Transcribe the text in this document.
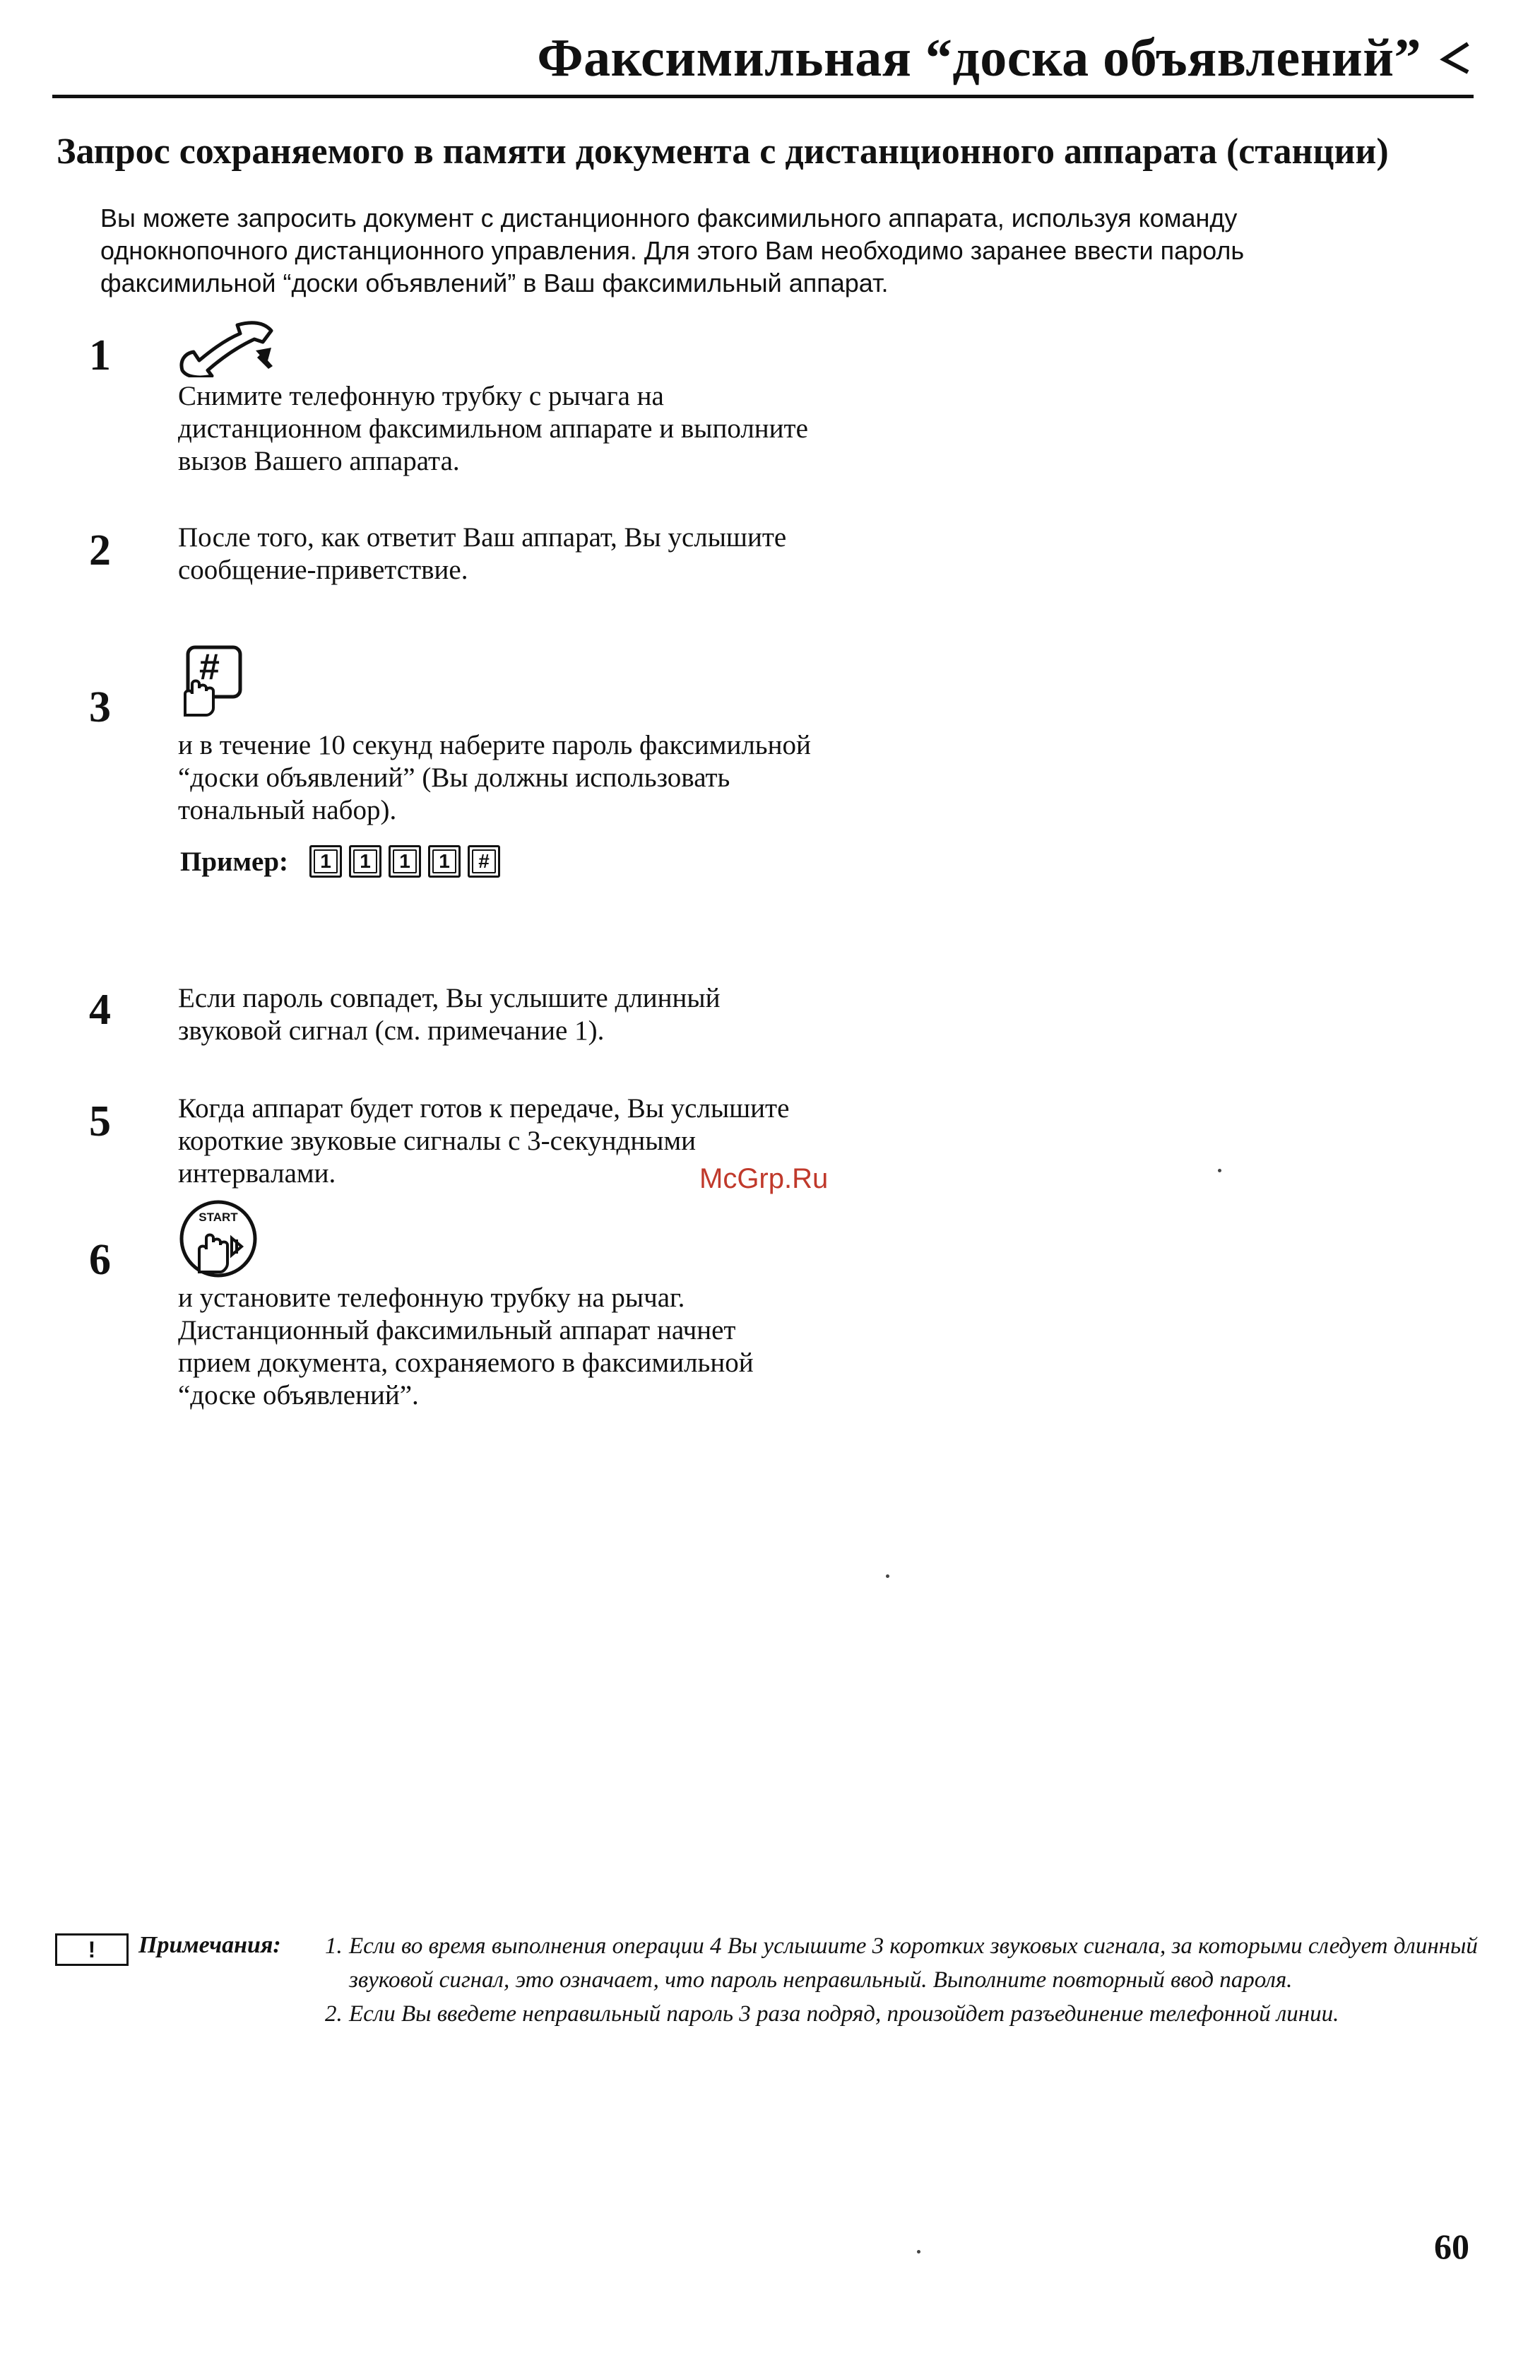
Факсимильная “доска объявлений”
Запрос сохраняемого в памяти документа с дистанционного аппарата (станции)

Вы можете запросить документ с дистанционного факсимильного аппарата, используя команду однокнопочного дистанционного управления. Для этого Вам необходимо заранее ввести пароль факсимильной “доски объявлений” в Ваш факсимильный аппарат.

1

Снимите телефонную трубку с рычага на дистанционном факсимильном аппарате и выполните вызов Вашего аппарата.

2 После того, как ответит Ваш аппарат, Вы услышите сообщение-приветствие.

3
#

и в течение 10 секунд наберите пароль факсимильной “доски объявлений” (Вы должны использовать тональный набор).

Пример:	1	1	1	1	#
4 Если пароль совпадет, Вы услышите длинный звуковой сигнал (см. примечание 1).

5 Когда аппарат будет готов к передаче, Вы услышите короткие звуковые сигналы с 3-секундными интервалами.	McGrp.Ru
6
START

и установите телефонную трубку на рычаг. Дистанционный факсимильный аппарат начнет прием документа, сохраняемого в факсимильной “доске объявлений”.

!	Примечания: 1. Если во время выполнения операции 4 Вы услышите 3 коротких звуковых сигнала, за которыми следует длинный звуковой сигнал, это означает, что пароль неправильный. Выполните повторный ввод пароля.
2. Если Вы введете неправильный пароль 3 раза подряд, произойдет разъединение телефонной линии.
60
